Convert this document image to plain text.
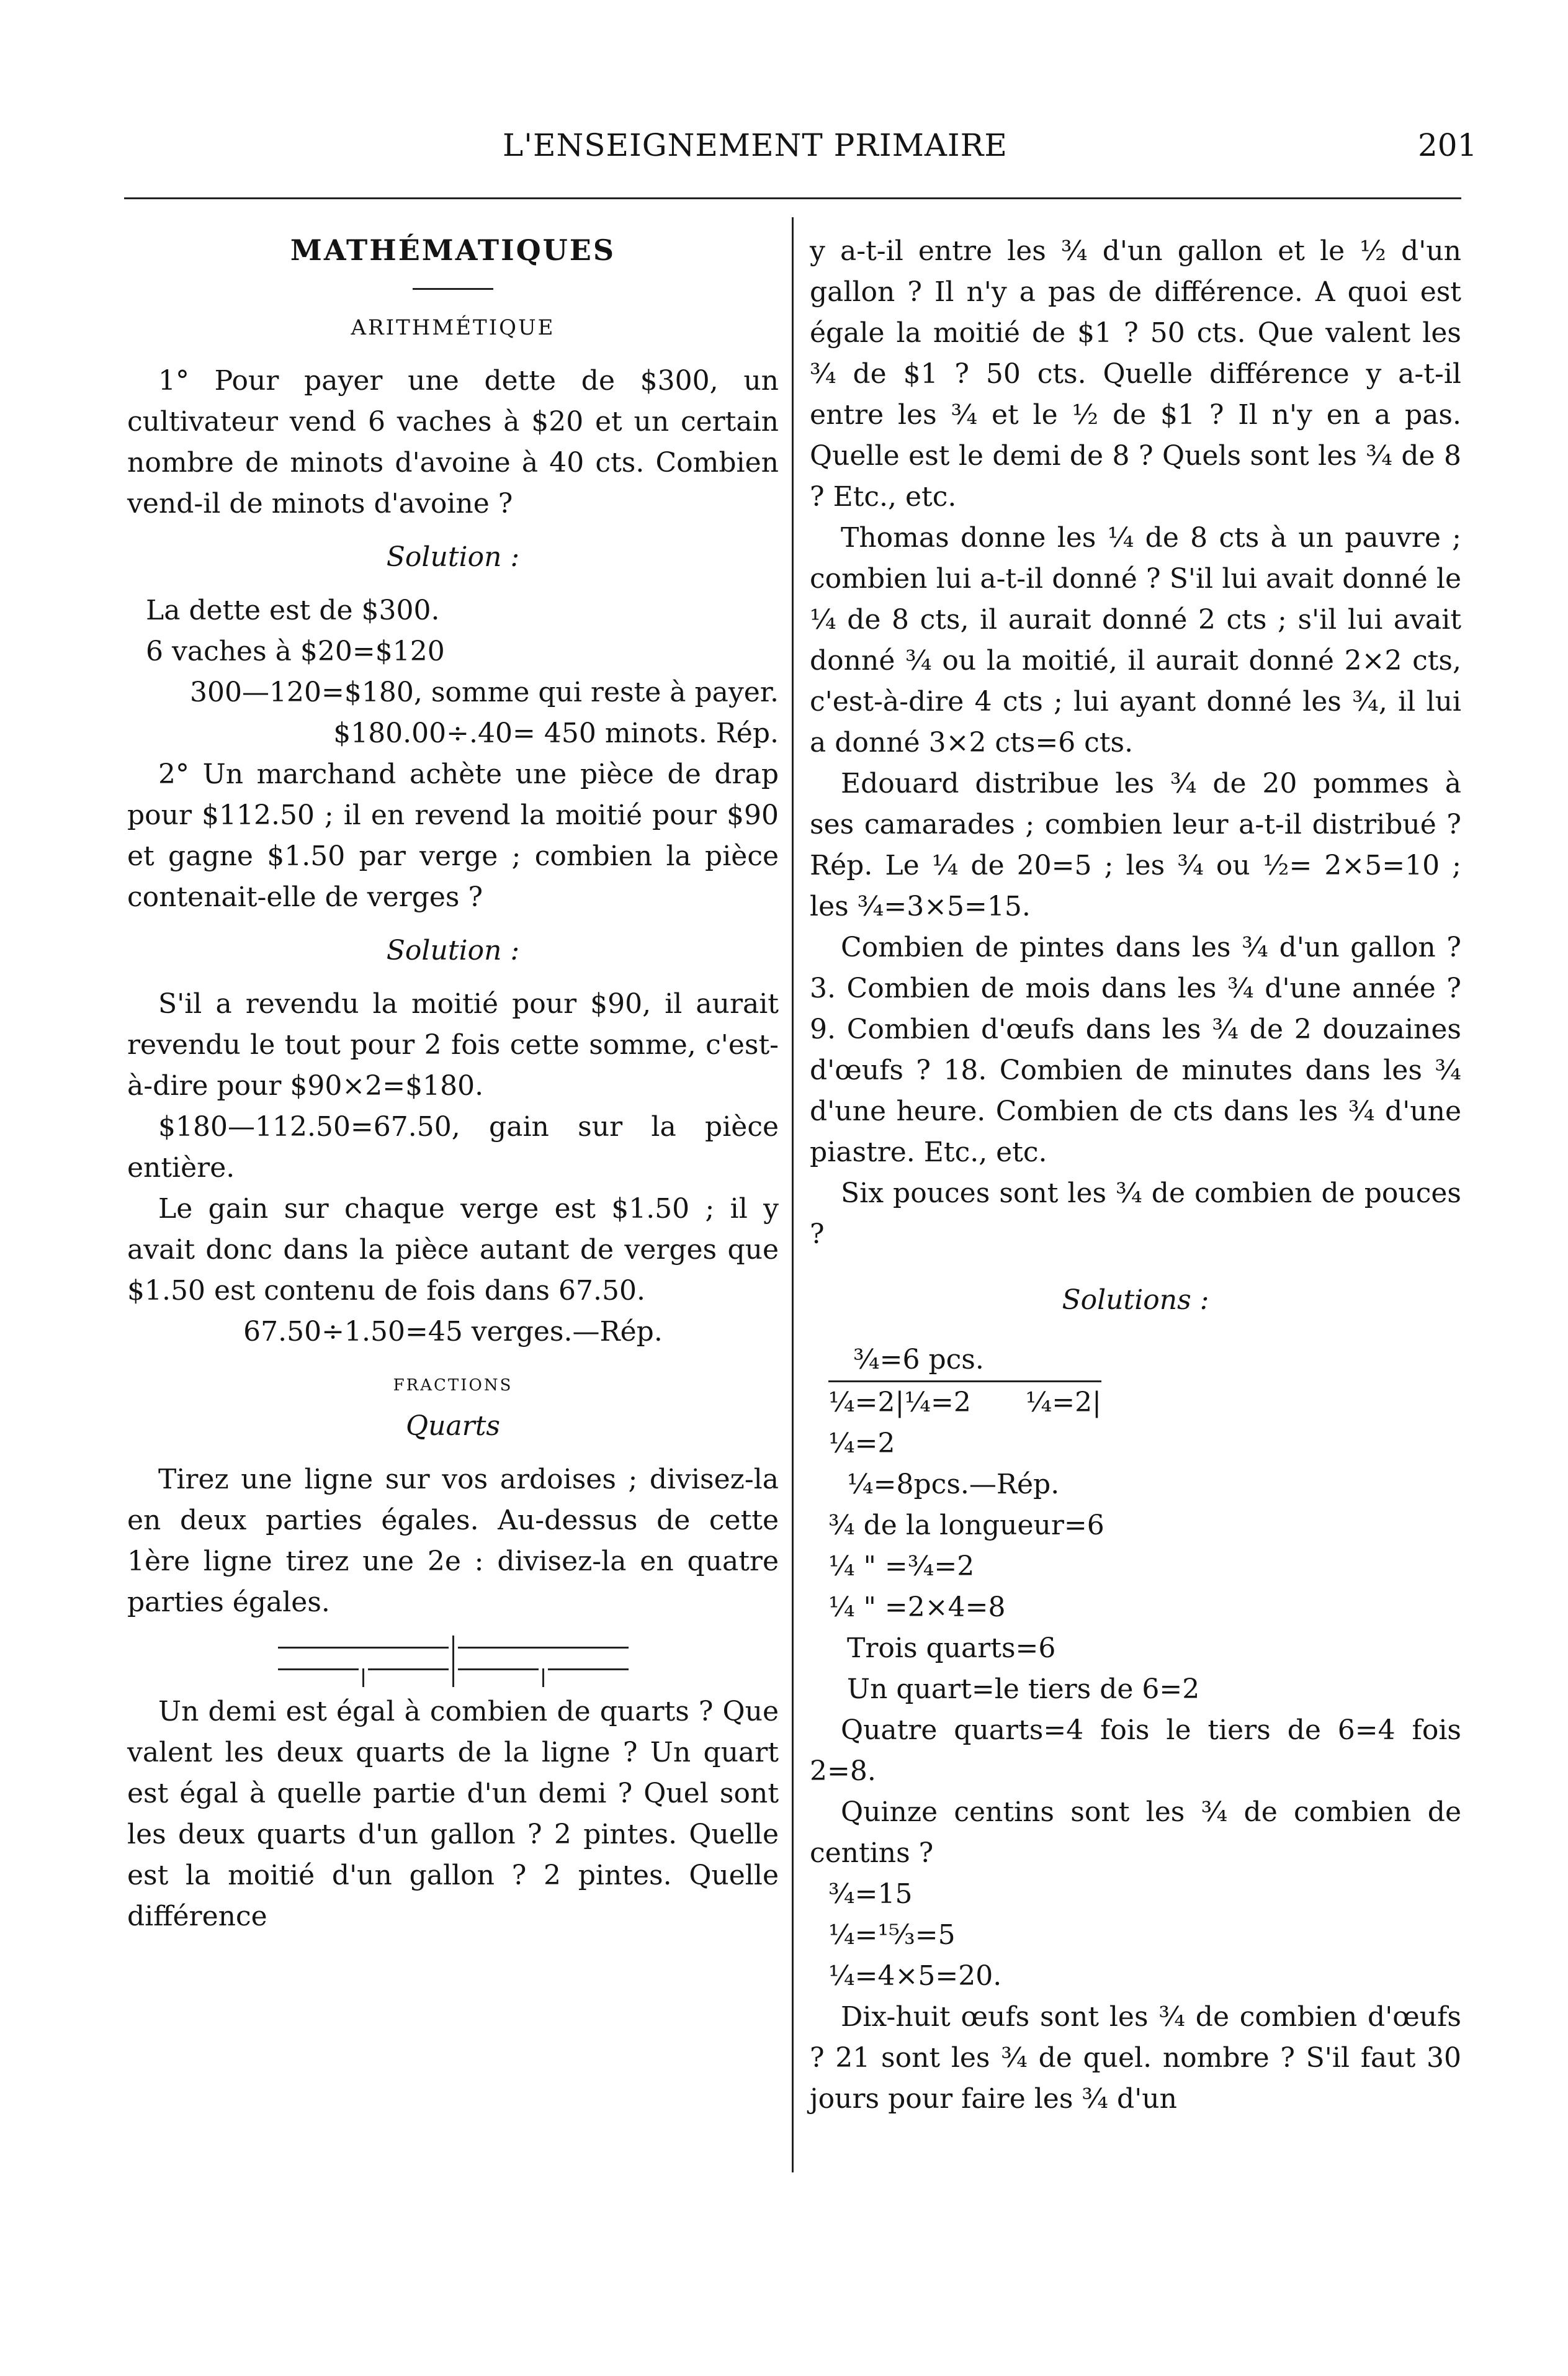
L'ENSEIGNEMENT PRIMAIRE	201

MATHÉMATIQUES

ARITHMÉTIQUE

1° Pour payer une dette de $300, un cultivateur vend 6 vaches à $20 et un certain nombre de minots d'avoine à 40 cts. Combien vend-il de minots d'avoine ?

Solution :

La dette est de $300.

6 vaches à $20=$120

300—120=$180, somme qui reste à payer.

$180.00÷.40= 450 minots. Rép.

2° Un marchand achète une pièce de drap pour $112.50 ; il en revend la moitié pour $90 et gagne $1.50 par verge ; combien la pièce contenait-elle de verges ?

Solution :

S'il a revendu la moitié pour $90, il aurait revendu le tout pour 2 fois cette somme, c'est-à-dire pour $90×2=$180.

$180—112.50=67.50, gain sur la pièce entière.

Le gain sur chaque verge est $1.50 ; il y avait donc dans la pièce autant de verges que $1.50 est contenu de fois dans 67.50.

67.50÷1.50=45 verges.—Rép.

FRACTIONS

Quarts

Tirez une ligne sur vos ardoises ; divisez-la en deux parties égales. Au-dessus de cette 1ère ligne tirez une 2e : divisez-la en quatre parties égales.

Un demi est égal à combien de quarts ? Que valent les deux quarts de la ligne ? Un quart est égal à quelle partie d'un demi ? Quel sont les deux quarts d'un gallon ? 2 pintes. Quelle est la moitié d'un gallon ? 2 pintes. Quelle différence

y a-t-il entre les ¾ d'un gallon et le ½ d'un gallon ? Il n'y a pas de différence. A quoi est égale la moitié de $1 ? 50 cts. Que valent les ¾ de $1 ? 50 cts. Quelle différence y a-t-il entre les ¾ et le ½ de $1 ? Il n'y en a pas. Quelle est le demi de 8 ? Quels sont les ¾ de 8 ? Etc., etc.

Thomas donne les ¼ de 8 cts à un pauvre ; combien lui a-t-il donné ? S'il lui avait donné le ¼ de 8 cts, il aurait donné 2 cts ; s'il lui avait donné ¾ ou la moitié, il aurait donné 2×2 cts, c'est-à-dire 4 cts ; lui ayant donné les ¾, il lui a donné 3×2 cts=6 cts.

Edouard distribue les ¾ de 20 pommes à ses camarades ; combien leur a-t-il distribué ? Rép. Le ¼ de 20=5 ; les ¾ ou ½= 2×5=10 ; les ¾=3×5=15.

Combien de pintes dans les ¾ d'un gallon ? 3. Combien de mois dans les ¾ d'une année ? 9. Combien d'œufs dans les ¾ de 2 douzaines d'œufs ? 18. Combien de minutes dans les ¾ d'une heure. Combien de cts dans les ¾ d'une piastre. Etc., etc.

Six pouces sont les ¾ de combien de pouces ?

Solutions :

¾=6 pcs.
¼=2|¼=2 ¼=2|¼=2
¼=8pcs.—Rép.
¾ de la longueur=6
¼ " =¾=2
¼ " =2×4=8
Trois quarts=6
Un quart=le tiers de 6=2

Quatre quarts=4 fois le tiers de 6=4 fois 2=8.

Quinze centins sont les ¾ de combien de centins ?

¾=15
¼=¹⁵⁄₃=5
¼=4×5=20.

Dix-huit œufs sont les ¾ de combien d'œufs ? 21 sont les ¾ de quel. nombre ? S'il faut 30 jours pour faire les ¾ d'un
